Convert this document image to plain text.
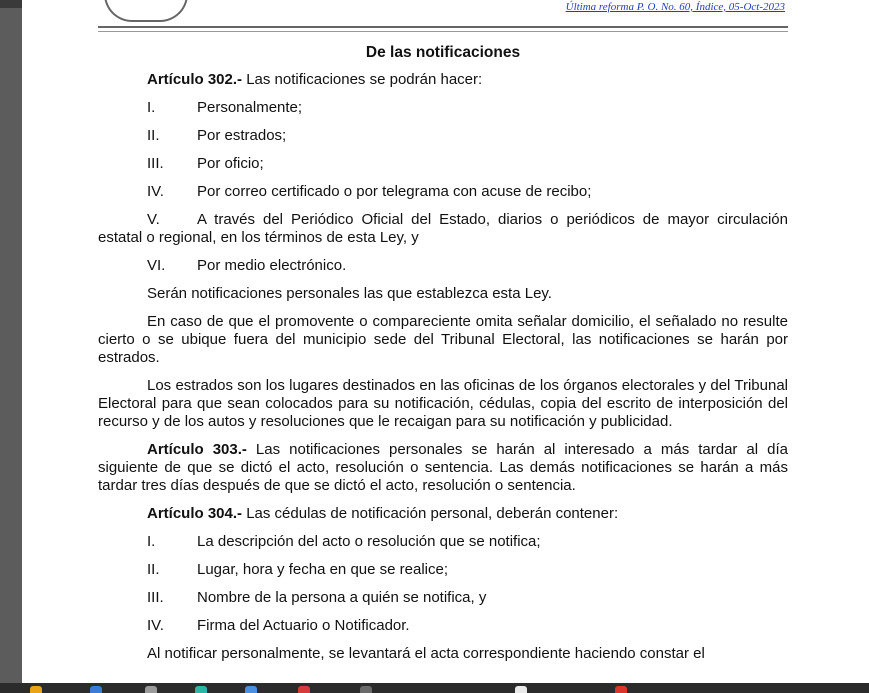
Última reforma P. O. No. 60, Índice, 05-Oct-2023
De las notificaciones

Artículo 302.- Las notificaciones se podrán hacer:

I.	Personalmente;
II.	Por estrados;
III.	Por oficio;
IV.	Por correo certificado o por telegrama con acuse de recibo;

V. A través del Periódico Oficial del Estado, diarios o periódicos de mayor circulación estatal o regional, en los términos de esta Ley, y

VI.	Por medio electrónico.

Serán notificaciones personales las que establezca esta Ley.

En caso de que el promovente o compareciente omita señalar domicilio, el señalado no resulte cierto o se ubique fuera del municipio sede del Tribunal Electoral, las notificaciones se harán por estrados.

Los estrados son los lugares destinados en las oficinas de los órganos electorales y del Tribunal Electoral para que sean colocados para su notificación, cédulas, copia del escrito de interposición del recurso y de los autos y resoluciones que le recaigan para su notificación y publicidad.

Artículo 303.- Las notificaciones personales se harán al interesado a más tardar al día siguiente de que se dictó el acto, resolución o sentencia. Las demás notificaciones se harán a más tardar tres días después de que se dictó el acto, resolución o sentencia.

Artículo 304.- Las cédulas de notificación personal, deberán contener:

I.	La descripción del acto o resolución que se notifica;
II.	Lugar, hora y fecha en que se realice;
III.	Nombre de la persona a quién se notifica, y
IV.	Firma del Actuario o Notificador.

Al notificar personalmente, se levantará el acta correspondiente haciendo constar el
